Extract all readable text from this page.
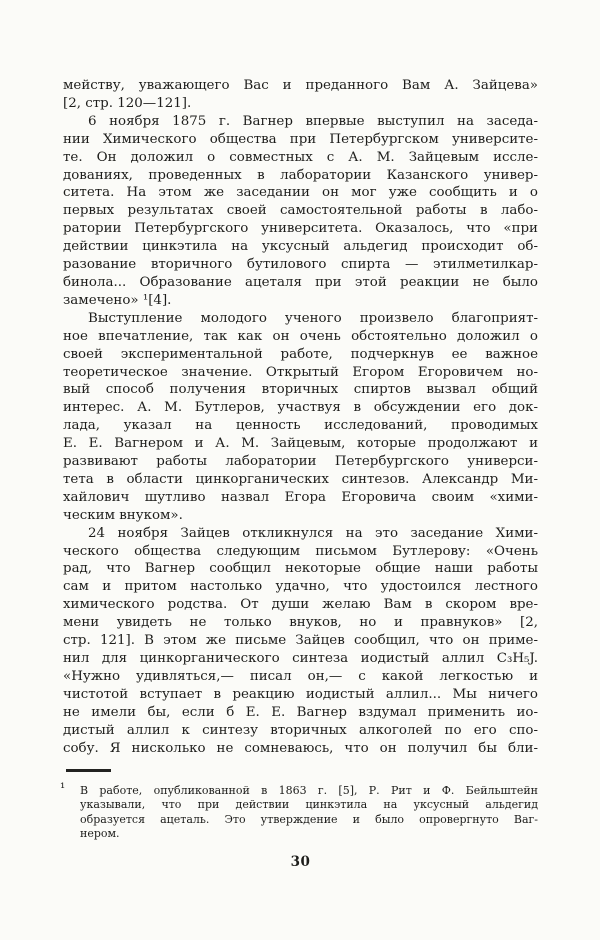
мейству, уважающего Вас и преданного Вам А. Зайцева»
[2, стр. 120—121].
6 ноября 1875 г. Вагнер впервые выступил на заседа-
нии Химического общества при Петербургском университе-
те. Он доложил о совместных с А. М. Зайцевым иссле-
дованиях, проведенных в лаборатории Казанского универ-
ситета. На этом же заседании он мог уже сообщить и о
первых результатах своей самостоятельной работы в лабо-
ратории Петербургского университета. Оказалось, что «при
действии цинкэтила на уксусный альдегид происходит об-
разование вторичного бутилового спирта — этилметилкар-
бинола... Образование ацеталя при этой реакции не было
замечено» ¹[4].
Выступление молодого ученого произвело благоприят-
ное впечатление, так как он очень обстоятельно доложил о
своей экспериментальной работе, подчеркнув ее важное
теоретическое значение. Открытый Егором Егоровичем но-
вый способ получения вторичных спиртов вызвал общий
интерес. А. М. Бутлеров, участвуя в обсуждении его док-
лада, указал на ценность исследований, проводимых
Е. Е. Вагнером и А. М. Зайцевым, которые продолжают и
развивают работы лаборатории Петербургского универси-
тета в области цинкорганических синтезов. Александр Ми-
хайлович шутливо назвал Егора Егоровича своим «хими-
ческим внуком».
24 ноября Зайцев откликнулся на это заседание Хими-
ческого общества следующим письмом Бутлерову: «Очень
рад, что Вагнер сообщил некоторые общие наши работы
сам и притом настолько удачно, что удостоился лестного
химического родства. От души желаю Вам в скором вре-
мени увидеть не только внуков, но и правнуков» [2,
стр. 121]. В этом же письме Зайцев сообщил, что он приме-
нил для цинкорганического синтеза иодистый аллил C₃H₅J.
«Нужно удивляться,— писал он,— с какой легкостью и
чистотой вступает в реакцию иодистый аллил... Мы ничего
не имели бы, если б Е. Е. Вагнер вздумал применить ио-
дистый аллил к синтезу вторичных алкоголей по его спо-
собу. Я нисколько не сомневаюсь, что он получил бы бли-
¹ В работе, опубликованной в 1863 г. [5], Р. Рит и Ф. Бейльштейн
указывали, что при действии цинкэтила на уксусный альдегид
образуется ацеталь. Это утверждение и было опровергнуто Ваг-
нером.
30
